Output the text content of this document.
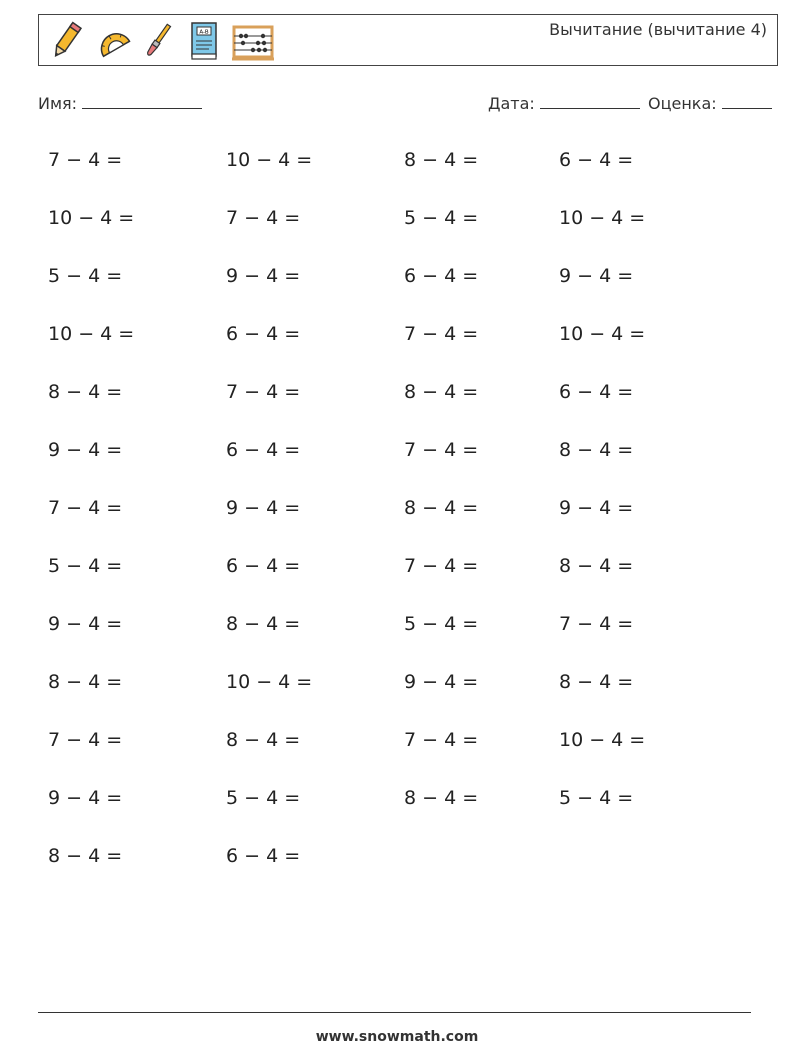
A-B	Вычитание (вычитание 4)
Имя:	Дата:	Оценка:
7 − 4 =	10 − 4 =	8 − 4 =	6 − 4 =
10 − 4 =	7 − 4 =	5 − 4 =	10 − 4 =
5 − 4 =	9 − 4 =	6 − 4 =	9 − 4 =
10 − 4 =	6 − 4 =	7 − 4 =	10 − 4 =
8 − 4 =	7 − 4 =	8 − 4 =	6 − 4 =
9 − 4 =	6 − 4 =	7 − 4 =	8 − 4 =
7 − 4 =	9 − 4 =	8 − 4 =	9 − 4 =
5 − 4 =	6 − 4 =	7 − 4 =	8 − 4 =
9 − 4 =	8 − 4 =	5 − 4 =	7 − 4 =
8 − 4 =	10 − 4 =	9 − 4 =	8 − 4 =
7 − 4 =	8 − 4 =	7 − 4 =	10 − 4 =
9 − 4 =	5 − 4 =	8 − 4 =	5 − 4 =
8 − 4 =	6 − 4 =
www.snowmath.com
